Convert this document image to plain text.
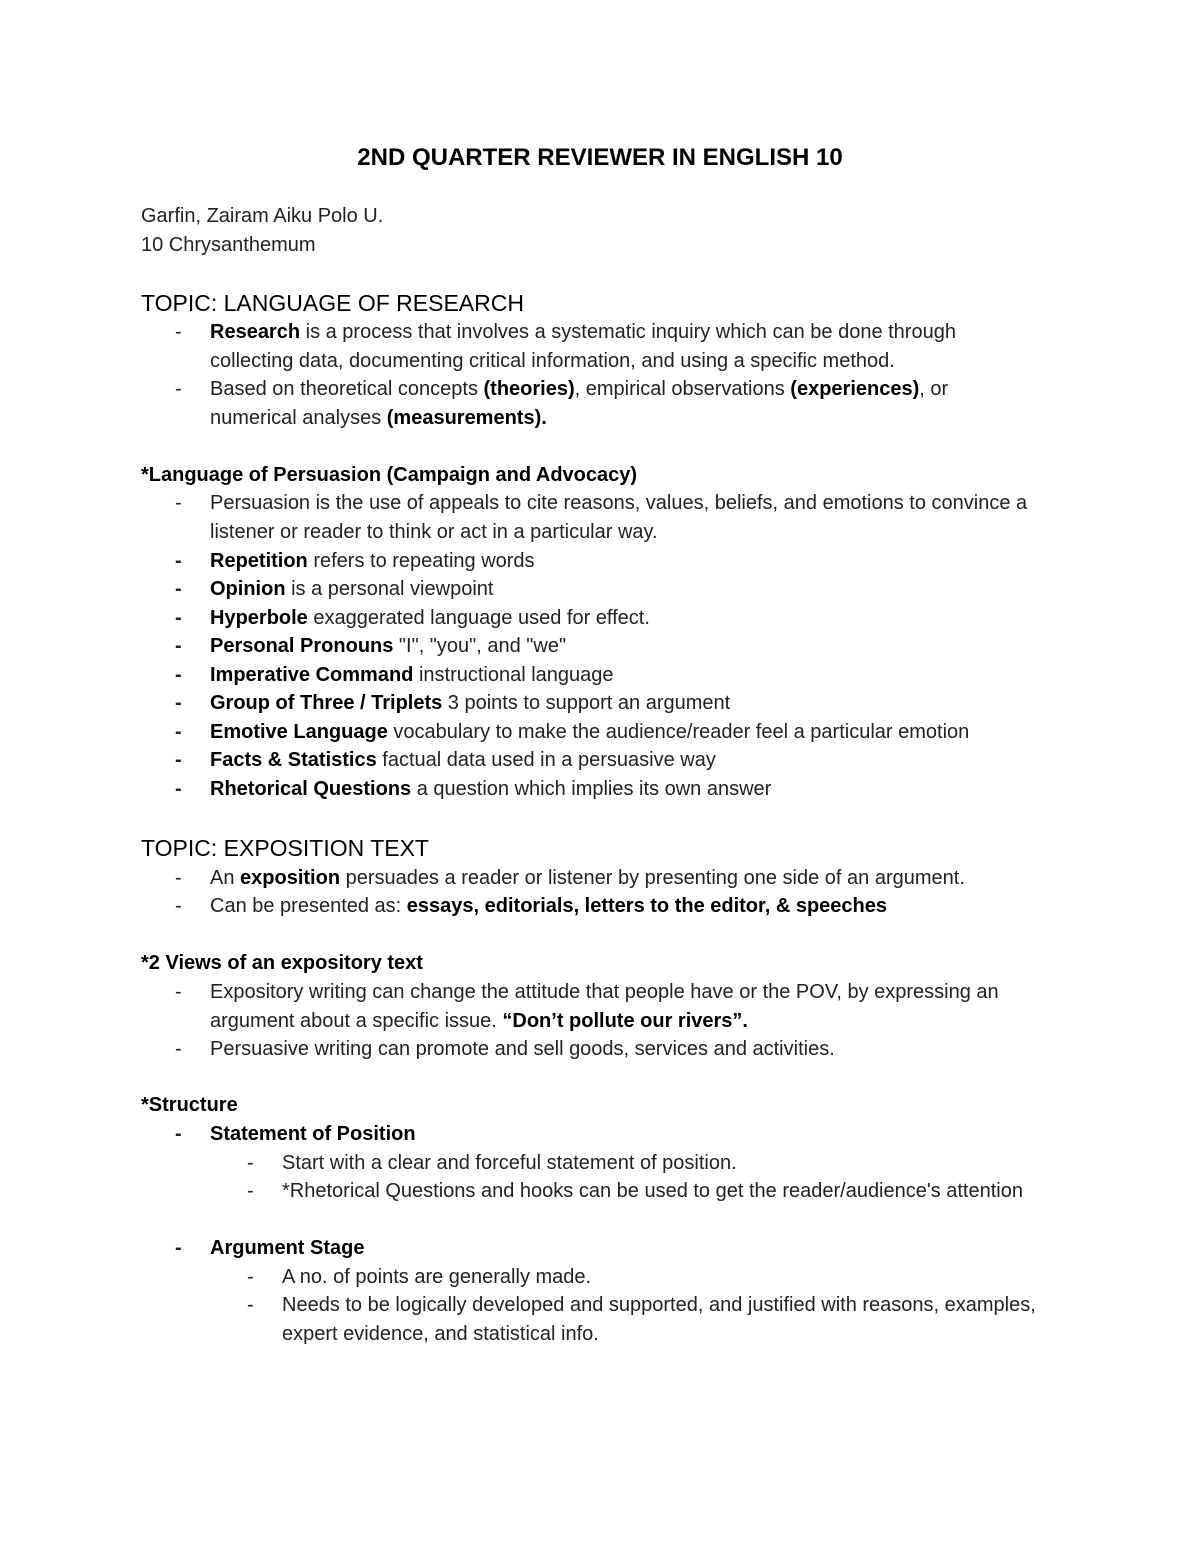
2ND QUARTER REVIEWER IN ENGLISH 10
Garfin, Zairam Aiku Polo U.
10 Chrysanthemum
TOPIC: LANGUAGE OF RESEARCH
- Research is a process that involves a systematic inquiry which can be done through collecting data, documenting critical information, and using a specific method.
- Based on theoretical concepts (theories), empirical observations (experiences), or numerical analyses (measurements).
*Language of Persuasion (Campaign and Advocacy)
- Persuasion is the use of appeals to cite reasons, values, beliefs, and emotions to convince a listener or reader to think or act in a particular way.
- Repetition refers to repeating words
- Opinion is a personal viewpoint
- Hyperbole exaggerated language used for effect.
- Personal Pronouns "I", "you", and "we"
- Imperative Command instructional language
- Group of Three / Triplets 3 points to support an argument
- Emotive Language vocabulary to make the audience/reader feel a particular emotion
- Facts & Statistics factual data used in a persuasive way
- Rhetorical Questions a question which implies its own answer
TOPIC: EXPOSITION TEXT
- An exposition persuades a reader or listener by presenting one side of an argument.
- Can be presented as: essays, editorials, letters to the editor, & speeches
*2 Views of an expository text
- Expository writing can change the attitude that people have or the POV, by expressing an argument about a specific issue. “Don’t pollute our rivers”.
- Persuasive writing can promote and sell goods, services and activities.
*Structure
- Statement of Position
- Start with a clear and forceful statement of position.
- *Rhetorical Questions and hooks can be used to get the reader/audience's attention
- Argument Stage
- A no. of points are generally made.
- Needs to be logically developed and supported, and justified with reasons, examples, expert evidence, and statistical info.
